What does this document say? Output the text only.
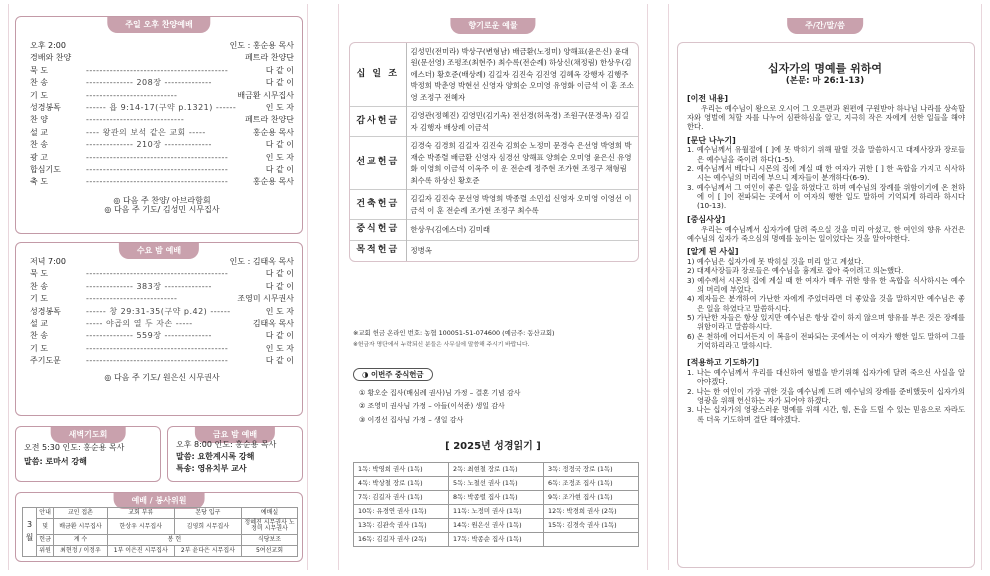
주일 오후 찬양예배
오후 2:00	인도 : 홍순용 목사
경배와 찬양	페트라 찬양단
묵 도	------------------------------------------	다 같 이
찬 송	-------------- 208장 --------------	다 같 이
기 도	---------------------------	배금환 시무집사
성경봉독	------ 욥 9:14-17(구약 p.1321) ------	인 도 자
찬 양	-----------------------------	페트라 찬양단
설 교	---- 왕관의 보석 같은 교회 -----	홍순용 목사
찬 송	-------------- 210장 --------------	다 같 이
광 고	------------------------------------------	인 도 자
합심기도	------------------------------------------	다 같 이
축 도	------------------------------------------	홍순용 목사
◎ 다음 주 찬양/ 아브라함회
◎ 다음 주 기도/ 김성민 시무집사
수요 밤 예배
저녁 7:00	인도 : 김태옥 목사
묵 도	------------------------------------------	다 같 이
찬 송	-------------- 383장 --------------	다 같 이
기 도	---------------------------	조영미 시무권사
성경봉독	------ 창 29:31-35(구약 p.42) ------	인 도 자
설 교	----- 야곱의 열 두 자손 -----	김태옥 목사
찬 송	-------------- 559장 --------------	다 같 이
기 도	------------------------------------------	인 도 자
주기도문	------------------------------------------	다 같 이
◎ 다음 주 기도/ 원은신 시무권사
새벽기도회
오전 5:30 인도: 홍순용 목사
말씀: 로마서 강해
금요 밤 예배
오후 8:00 인도: 홍순용 목사
말씀: 요한계시록 강해
특송: 영유치부 교사
예배 / 봉사위원
3월	안내	교인 접촌	교회 부류	본당 입구	예배실
	및	배금환 시무집사	한상우 시무집사	김영희 시무집사	정혜진 시무권사 노정미 시무권사
	헌금	계 수	봉 헌		식당보조
	위원	최현정 / 이정우	1부 이은진 시무집사	2부 윤다은 시무집사	5여선교회
향기로운 예물
십 일 조	김성민(전미라) 박상구(변형남) 배금환(노정미) 양해표(윤은신) 윤대원(문선영) 조평조(최현주) 최수록(전순례) 하상신(채정림) 한상우(김에스더) 황호준(배상례) 김길자 김진숙 김진영 김혜옥 강행자 김행주 박정희 박춘영 박현선 신영자 양희순 오미영 유영화 이금석 이 훈 조소영 조정구 전혜자
감사헌금	김영관(정혜진) 김영민(김기옥) 전선경(허옥경) 조원구(문경옥) 김길자 김행자 배상례 이금석
선교헌금	김경숙 김경희 김길자 김진숙 김희순 노정미 문경숙 은선영 박영희 박재순 박종렬 배금환 신영자 심경선 양해표 양희순 오미영 윤은신 유영화 이영희 이금석 이옥주 이 운 전순례 정주현 조가현 조정구 채형림 최수록 하상신 황호준
건축헌금	김길자 김진숙 문선영 박영희 박종렬 소민섭 신영자 오미영 이영선 이금석 이 훈 전순례 조가현 조정구 최수록
중식헌금	한상우(김에스더) 김미래
목적헌금	정병옥
※교회 헌금 온라인 번호: 농협 100051-51-074600 (예금주: 동산교회)
※헌금자 명단에서 누락되신 분들은 사무실에 말씀해 주시기 바랍니다.
◑ 이번주 중식헌금
① 황오순 집사(배심례 권사)님 가정 – 결혼 기념 감사
② 조영미 권사님 가정 – 아들(이석준) 생일 감사
③ 이경선 집사님 가정 – 생일 감사
[ 2025년 성경읽기 ]
1독: 박영희 권사 (1독)	2독: 최현철 장로 (1독)	3독: 정정국 장로 (1독)
4독: 박상철 장로 (1독)	5독: 노철선 권사 (1독)	6독: 조정조 집사 (1독)
7독: 김길자 권사 (1독)	8독: 박종렬 집사 (1독)	9독: 조가현 집사 (1독)
10독: 유경연 권사 (1독)	11독: 노정미 권사 (1독)	12독: 박경희 권사 (2독)
13독: 김관숙 권사 (1독)	14독: 원은신 권사 (1독)	15독: 김경숙 권사 (1독)
16독: 김길자 권사 (2독)	17독: 박종순 집사 (1독)	
주/간/말/씀
십자가의 명예를 위하여
(본문: 마 26:1-13)
[이전 내용]
우리는 예수님이 왕으로 오시어 그 오른편과 왼편에 구원받아 하나님 나라를 상속할 자와 영벌에 처할 자를 나누어 심판하심을 알고, 지극히 작은 자에게 선한 일들을 해야 한다.
[문단 나누기]
1. 예수님께서 유월절에 [ ]에 못 박히기 위해 팔릴 것을 말씀하시고 대제사장과 장로들은 예수님을 죽이려 하다(1-5).
2. 예수님께서 베다니 시몬의 집에 계실 때 한 여자가 귀한 [ ] 한 옥합을 가지고 식사하시는 예수님의 머리에 부으니 제자들이 분개하다(6-9).
3. 예수님께서 그 여인이 좋은 일을 하였다고 하며 예수님의 장례를 위함이기에 온 천하에 이 [ ]이 전파되는 곳에서 이 여자의 행한 일도 말하여 기억되게 하리라 하시다(10-13).
[중심사상]
우리는 예수님께서 십자가에 달려 죽으실 것을 미리 아셨고, 한 여인의 향유 사건은 예수님의 십자가 죽으심의 명예를 높이는 일이었다는 것을 알아야한다.
[알게 된 사실]
1) 예수님은 십자가에 못 박히실 것을 미리 알고 계셨다.
2) 대제사장들과 장로들은 예수님을 흉계로 잡아 죽이려고 의논했다.
3) 예수께서 시몬의 집에 계실 때 한 여자가 매우 귀한 향유 한 옥합을 식사하시는 예수의 머리에 부었다.
4) 제자들은 분개하여 가난한 자에게 주었더라면 더 좋았을 것을 말하지만 예수님은 좋은 일을 하였다고 말씀하시다.
5) 가난한 자들은 항상 있지만 예수님은 항상 같이 하지 않으며 향유를 부은 것은 장례를 위함이라고 말씀하시다.
6) 온 천하에 어디서든지 이 복음이 전파되는 곳에서는 이 여자가 행한 일도 말하여 그를 기억하리라고 말하시다.
[적용하고 기도하기]
1. 나는 예수님께서 우리를 대신하여 형벌을 받기위해 십자가에 달려 죽으신 사실을 알아야겠다.
2. 나는 한 여인이 가장 귀한 것을 예수님께 드려 예수님의 장례를 준비했듯이 십자가의 영광을 위해 헌신하는 자가 되어야 하겠다.
3. 나는 십자가의 영광스러운 명예를 위해 시간, 힘, 돈을 드릴 수 있는 믿음으로 자라도록 더욱 기도하며 결단 해야겠다.
